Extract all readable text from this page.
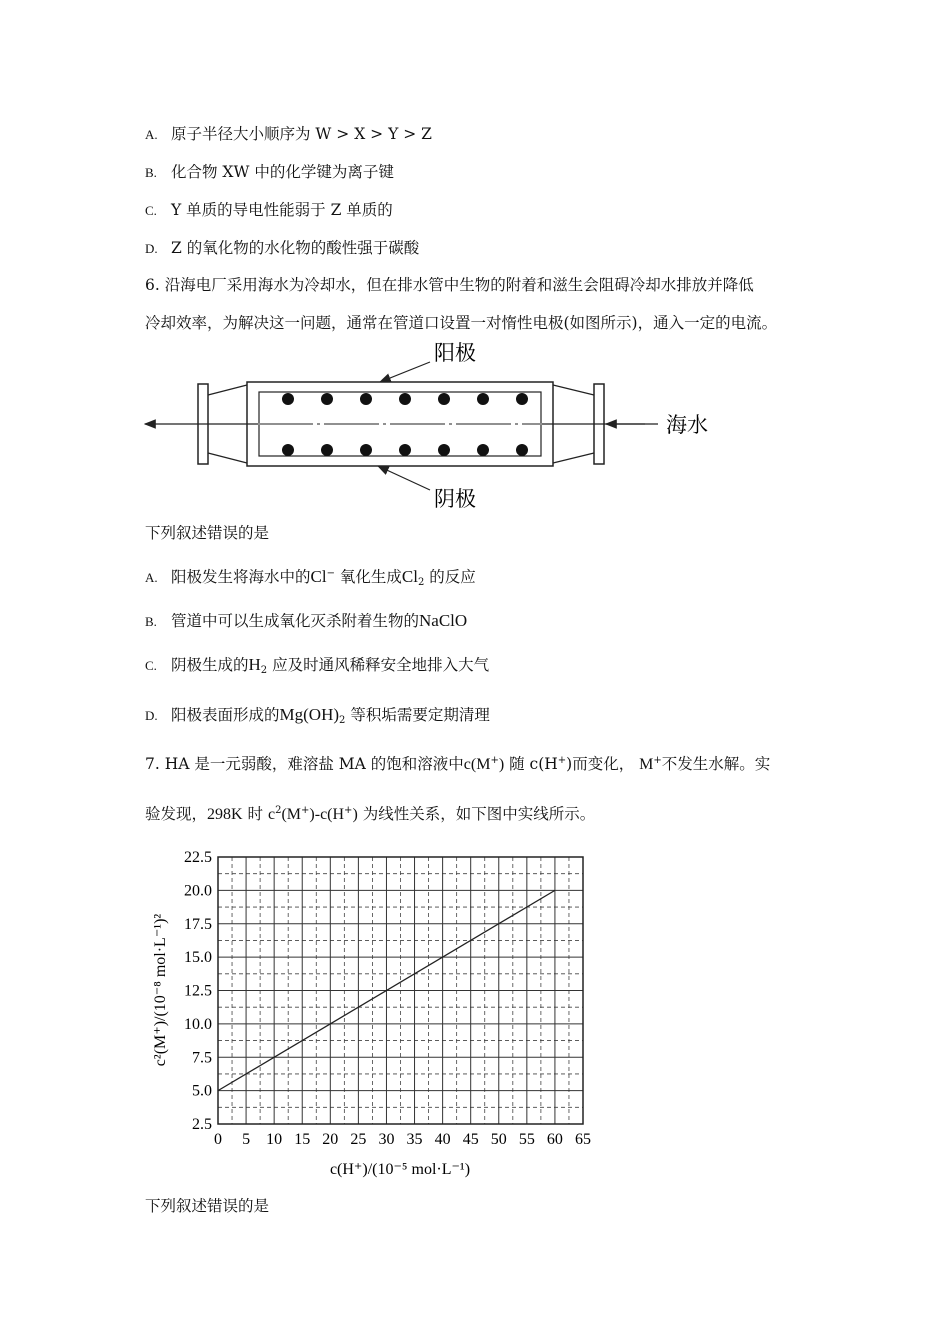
A. 原子半径大小顺序为 W > X > Y > Z
B. 化合物 XW 中的化学键为离子键
C. Y 单质的导电性能弱于 Z 单质的
D. Z 的氧化物的水化物的酸性强于碳酸
6. 沿海电厂采用海水为冷却水，但在排水管中生物的附着和滋生会阻碍冷却水排放并降低
冷却效率，为解决这一问题，通常在管道口设置一对惰性电极(如图所示)，通入一定的电流。
海水
阳极
阴极
下列叙述错误的是
A. 阳极发生将海水中的Cl− 氧化生成$Cl_2$ 的反应
B. 管道中可以生成氧化灭杀附着生物的NaClO
C. 阴极生成的$H_2$ 应及时通风稀释安全地排入大气
D. 阳极表面形成的$Mg(OH)_2$ 等积垢需要定期清理
7. HA 是一元弱酸，难溶盐 MA 的饱和溶液中c(M+) 随 c(H+)而变化， M+不发生水解。实
验发现，298K 时 $c^2(M^+)-c(H^+)$ 为线性关系，如下图中实线所示。
0 5 10 15 20 25 30 35 40 45 50 55 60 65
2.5
5.0
7.5
10.0
12.5
15.0
17.5
20.0
22.5
c(H⁺)/(10⁻⁵ mol·L⁻¹)
c²(M⁺)/(10⁻⁸ mol·L⁻¹)²
下列叙述错误的是
